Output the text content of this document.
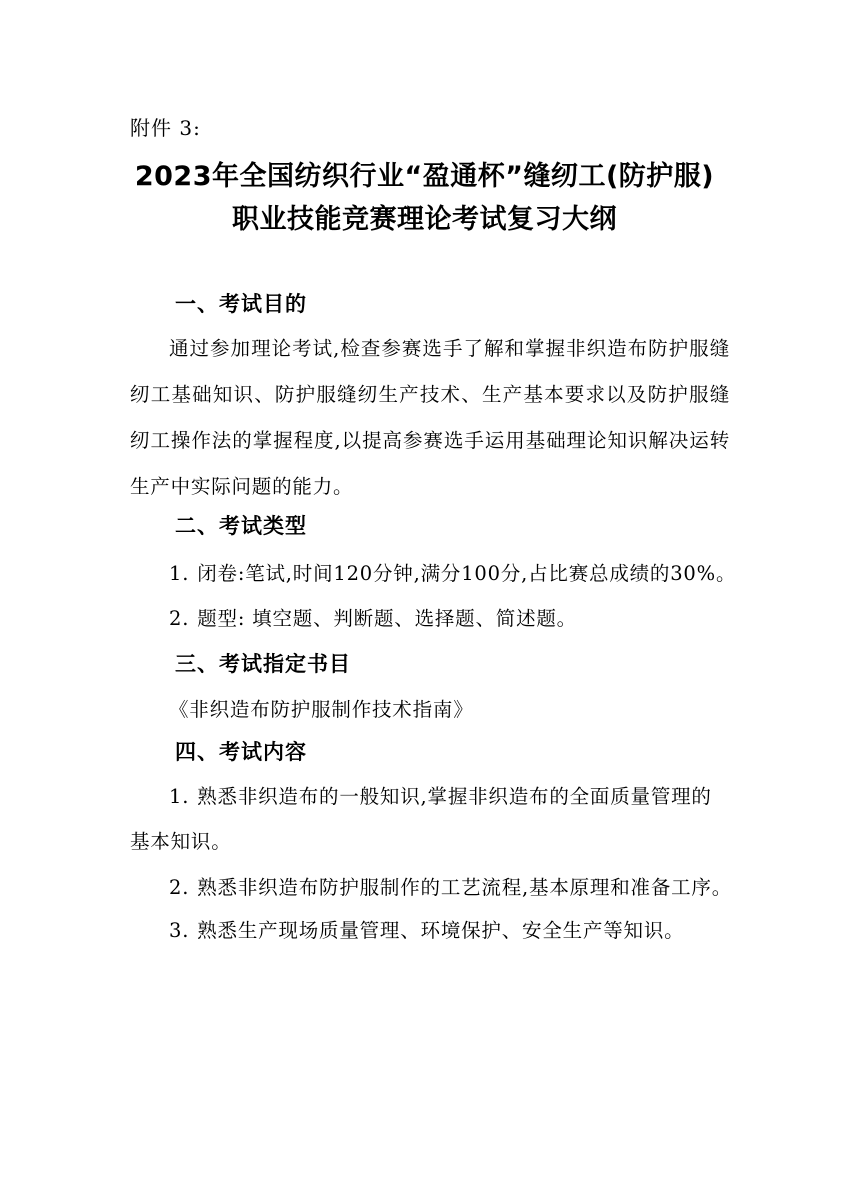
附件 3:
2023年全国纺织行业“盈通杯”缝纫工(防护服)
职业技能竞赛理论考试复习大纲
一、考试目的
通过参加理论考试,检查参赛选手了解和掌握非织造布防护服缝纫工基础知识、防护服缝纫生产技术、生产基本要求以及防护服缝纫工操作法的掌握程度,以提高参赛选手运用基础理论知识解决运转生产中实际问题的能力。
二、考试类型
1. 闭卷:笔试,时间120分钟,满分100分,占比赛总成绩的30%。
2. 题型: 填空题、判断题、选择题、简述题。
三、考试指定书目
《非织造布防护服制作技术指南》
四、考试内容
1. 熟悉非织造布的一般知识,掌握非织造布的全面质量管理的
基本知识。
2. 熟悉非织造布防护服制作的工艺流程,基本原理和准备工序。
3. 熟悉生产现场质量管理、环境保护、安全生产等知识。
